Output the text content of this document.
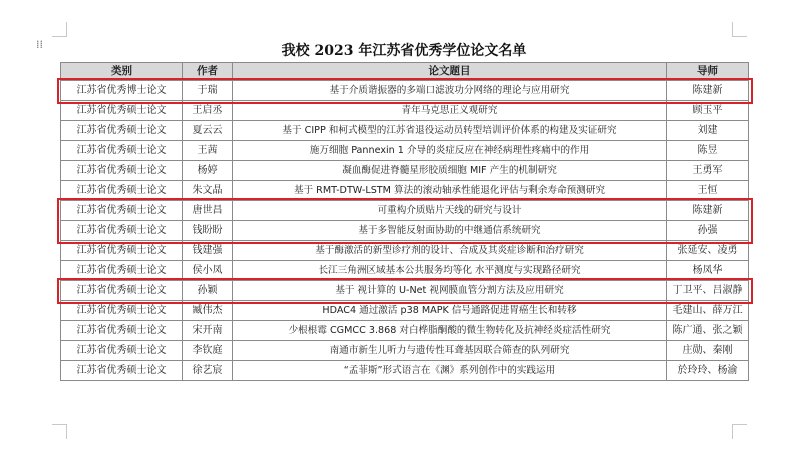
⁞⁞	我校 2023 年江苏省优秀学位论文名单
类别	作者	论文题目	导师
江苏省优秀博士论文	于瑞	基于介质谐振器的多端口滤波功分网络的理论与应用研究	陈建新
江苏省优秀硕士论文	王启丞	青年马克思正义观研究	顾玉平
江苏省优秀硕士论文	夏云云	基于 CIPP 和柯式模型的江苏省退役运动员转型培训评价体系的构建及实证研究	刘建
江苏省优秀硕士论文	王茜	施万细胞 Pannexin 1 介导的炎症反应在神经病理性疼痛中的作用	陈昱
江苏省优秀硕士论文	杨婷	凝血酶促进脊髓星形胶质细胞 MIF 产生的机制研究	王勇军
江苏省优秀硕士论文	朱文晶	基于 RMT-DTW-LSTM 算法的滚动轴承性能退化评估与剩余寿命预测研究	王恒
江苏省优秀硕士论文	唐世昌	可重构介质贴片天线的研究与设计	陈建新
江苏省优秀硕士论文	钱盼盼	基于多智能反射面协助的中继通信系统研究	孙强
江苏省优秀硕士论文	钱建强	基于酶激活的新型诊疗剂的设计、合成及其炎症诊断和治疗研究	张延安、凌勇
江苏省优秀硕士论文	侯小凤	长江三角洲区域基本公共服务均等化 水平测度与实现路径研究	杨凤华
江苏省优秀硕士论文	孙颖	基于 视计算的 U-Net 视网膜血管分割方法及应用研究	丁卫平、吕淑静
江苏省优秀硕士论文	臧伟杰	HDAC4 通过激活 p38 MAPK 信号通路促进胃癌生长和转移	毛建山、薛万江
江苏省优秀硕士论文	宋开南	少根根霉 CGMCC 3.868 对白桦脂酮酸的微生物转化及抗神经炎症活性研究	陈广通、张之颖
江苏省优秀硕士论文	李钦庭	南通市新生儿听力与遗传性耳聋基因联合筛查的队列研究	庄勋、秦刚
江苏省优秀硕士论文	徐艺宸	“孟菲斯”形式语言在《渊》系列创作中的实践运用	於玲玲、杨渝
